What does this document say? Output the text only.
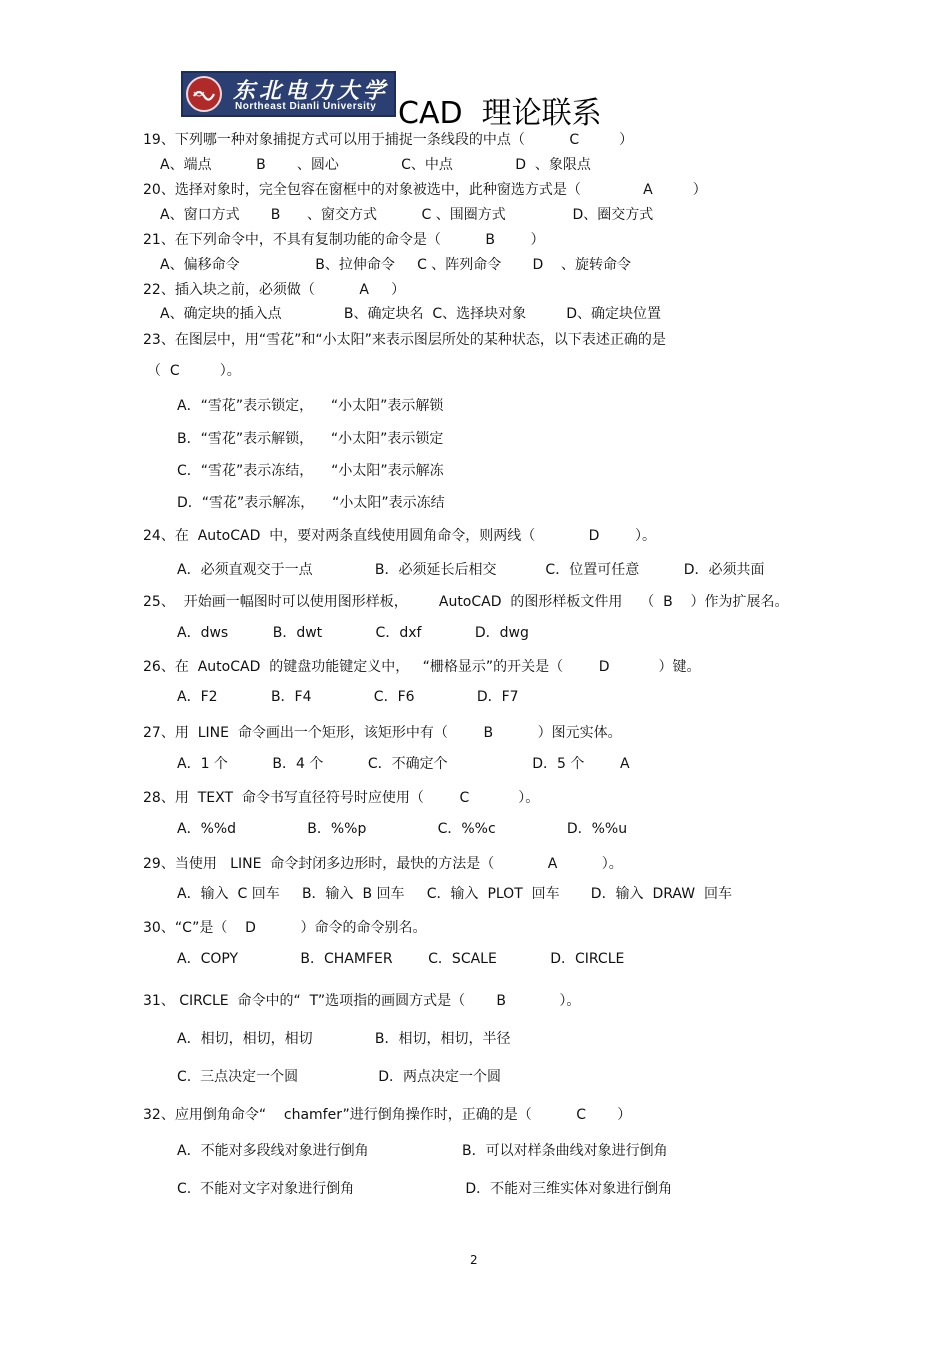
东北电力大学
Northeast Dianli University CAD  理论联系
19、下列哪一种对象捕捉方式可以用于捕捉一条线段的中点（          C         ）
A、端点          B       、圆心              C、中点              D  、象限点
20、选择对象时，完全包容在窗框中的对象被选中，此种窗选方式是（              A         ）
A、窗口方式       B      、窗交方式          C 、围圈方式               D、圈交方式
21、在下列命令中，不具有复制功能的命令是（          B        ）
A、偏移命令                 B、拉伸命令     C 、阵列命令       D    、旋转命令
22、插入块之前，必须做（          A     ）
A、确定块的插入点              B、确定块名  C、选择块对象         D、确定块位置
23、在图层中，用“雪花”和“小太阳”来表示图层所处的某种状态，以下表述正确的是
（  C         ）。
A．“雪花”表示锁定，    “小太阳”表示解锁
B．“雪花”表示解锁，    “小太阳”表示锁定
C．“雪花”表示冻结，    “小太阳”表示解冻
D．“雪花”表示解冻，    “小太阳”表示冻结
24、在  AutoCAD  中，要对两条直线使用圆角命令，则两线（            D        ）。
A．必须直观交于一点              B．必须延长后相交           C．位置可任意          D．必须共面
25、  开始画一幅图时可以使用图形样板，       AutoCAD  的图形样板文件用    （  B    ）作为扩展名。
A．dws          B．dwt            C．dxf            D．dwg
26、在  AutoCAD  的键盘功能键定义中，   “栅格显示”的开关是（        D           ）键。
A．F2            B．F4              C．F6              D．F7
27、用  LINE  命令画出一个矩形，该矩形中有（        B          ）图元实体。
A．1 个          B．4 个          C．不确定个                   D．5 个        A
28、用  TEXT  命令书写直径符号时应使用（        C           ）。
A．%%d                B．%%p                C．%%c                D．%%u
29、当使用   LINE  命令封闭多边形时，最快的方法是（            A          ）。
A．输入  C 回车     B．输入  B 回车     C．输入  PLOT  回车       D．输入  DRAW  回车
30、“C”是（    D          ）命令的命令别名。
A．COPY              B．CHAMFER        C．SCALE            D．CIRCLE
31、 CIRCLE  命令中的“  T”选项指的画圆方式是（       B            ）。
A．相切，相切，相切              B．相切，相切，半径
C.  三点决定一个圆                  D．两点决定一个圆
32、应用倒角命令“    chamfer”进行倒角操作时，正确的是（          C       ）
A．不能对多段线对象进行倒角                     B．可以对样条曲线对象进行倒角
C.  不能对文字对象进行倒角                         D．不能对三维实体对象进行倒角
2
